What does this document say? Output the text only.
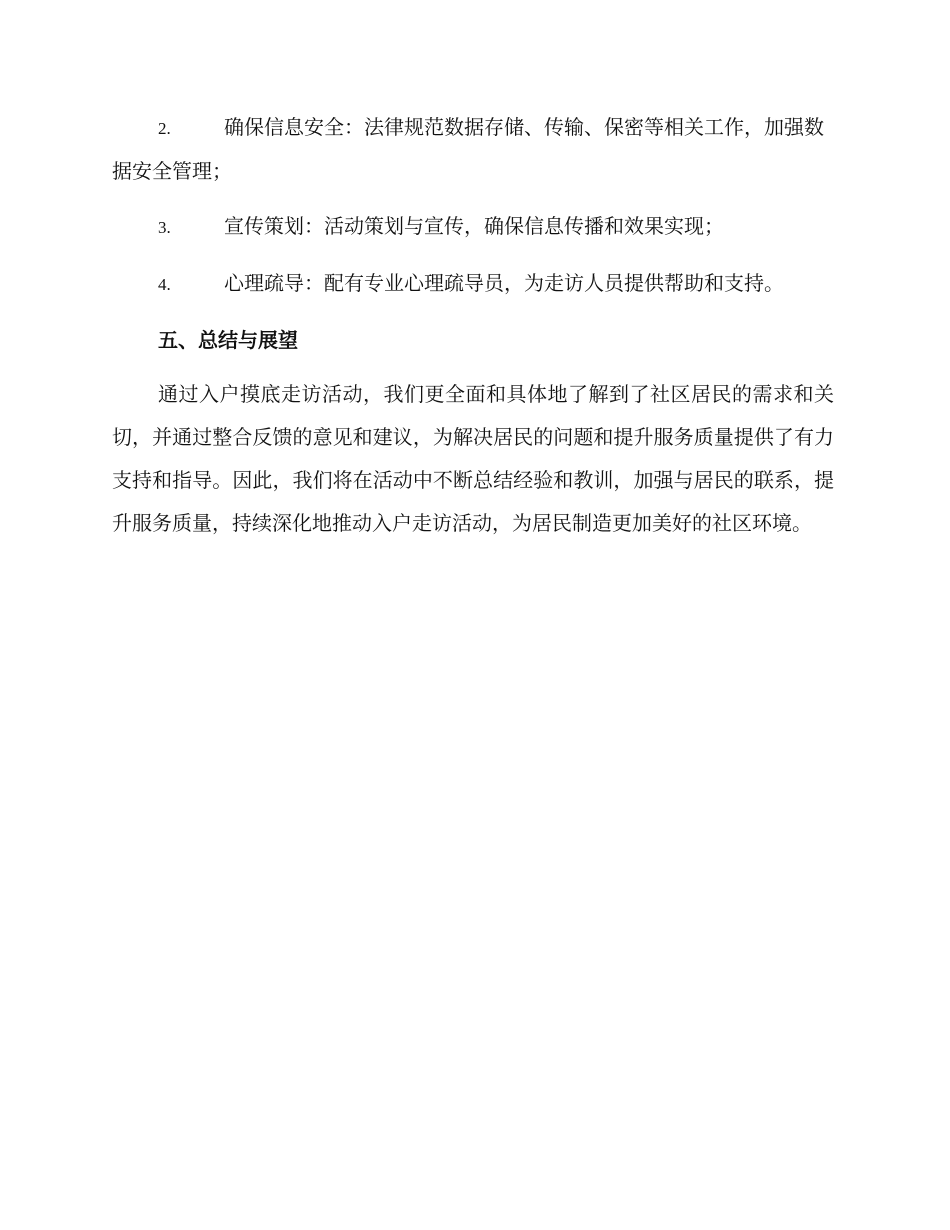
2.	确保信息安全：法律规范数据存储、传输、保密等相关工作，加强数据安全管理；

3.	宣传策划：活动策划与宣传，确保信息传播和效果实现；

4.	心理疏导：配有专业心理疏导员，为走访人员提供帮助和支持。

五、总结与展望

通过入户摸底走访活动，我们更全面和具体地了解到了社区居民的需求和关切，并通过整合反馈的意见和建议，为解决居民的问题和提升服务质量提供了有力支持和指导。因此，我们将在活动中不断总结经验和教训，加强与居民的联系，提升服务质量，持续深化地推动入户走访活动，为居民制造更加美好的社区环境。
